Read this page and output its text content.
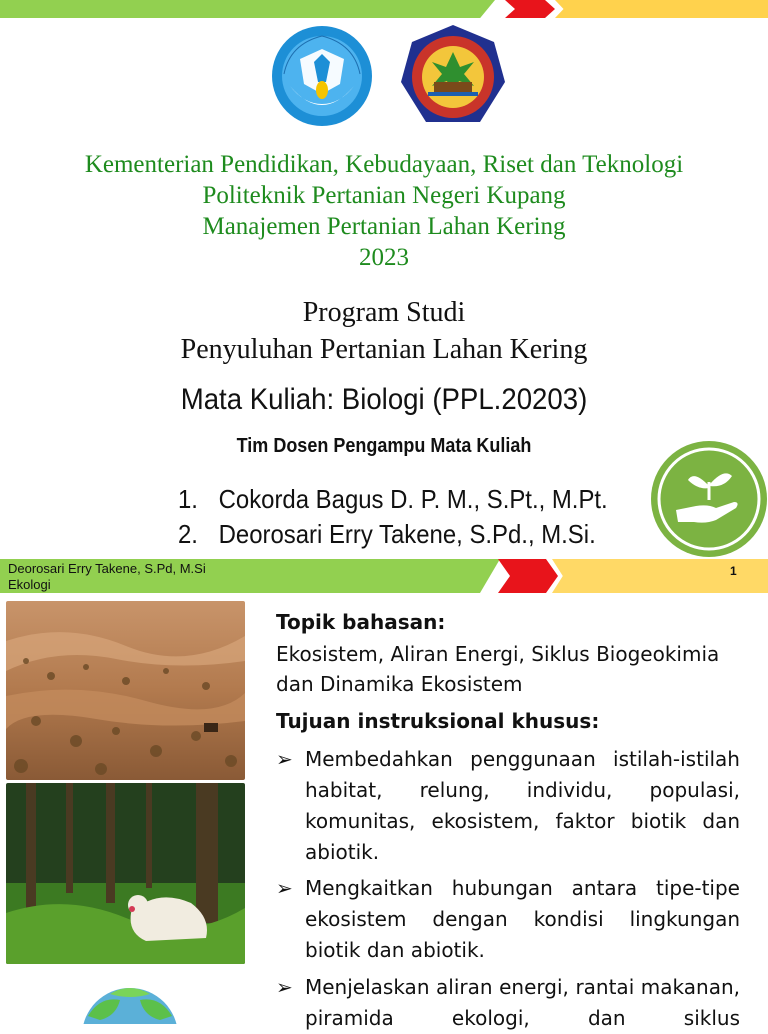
Kementerian Pendidikan, Kebudayaan, Riset dan Teknologi
Politeknik Pertanian Negeri Kupang
Manajemen Pertanian Lahan Kering
2023
Program Studi
Penyuluhan Pertanian Lahan Kering
Mata Kuliah: Biologi (PPL.20203)
Tim Dosen Pengampu Mata Kuliah
1. Cokorda Bagus D. P. M., S.Pt., M.Pt.
2. Deorosari Erry Takene, S.Pd., M.Si.
Deorosari Erry Takene, S.Pd, M.Si
Ekologi
1
Topik bahasan:
Ekosistem, Aliran Energi, Siklus Biogeokimia dan Dinamika Ekosistem
Tujuan instruksional khusus:
➢ Membedahkan penggunaan istilah-istilah habitat, relung, individu, populasi, komunitas, ekosistem, faktor biotik dan abiotik.
➢ Mengkaitkan hubungan antara tipe-tipe ekosistem dengan kondisi lingkungan biotik dan abiotik.
➢ Menjelaskan aliran energi, rantai makanan, piramida ekologi, dan siklus
